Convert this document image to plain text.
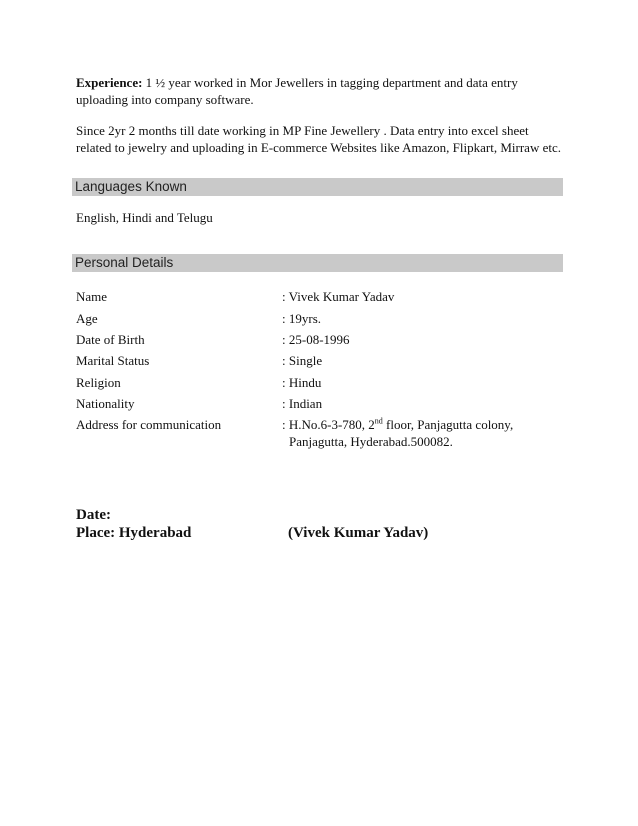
Experience: 1 ½ year worked in Mor Jewellers in tagging department and data entry uploading into company software.
Since 2yr 2 months till date working in MP Fine Jewellery . Data entry into excel sheet related to jewelry and uploading in E-commerce Websites like Amazon, Flipkart, Mirraw etc.
Languages Known
English, Hindi and Telugu
Personal Details
Name	: Vivek Kumar Yadav
Age	: 19yrs.
Date of Birth	: 25-08-1996
Marital Status	: Single
Religion	: Hindu
Nationality	: Indian
Address for communication	: H.No.6-3-780, 2nd floor, Panjagutta colony,
Panjagutta, Hyderabad.500082.
Date:
Place: Hyderabad	(Vivek Kumar Yadav)
